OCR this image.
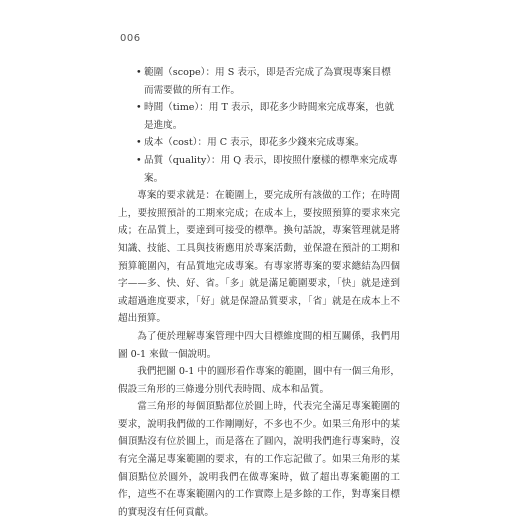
006
• 範圍（scope）：用 S 表示，即是否完成了為實現專案目標而需要做的所有工作。
• 時間（time）：用 T 表示，即花多少時間來完成專案，也就是進度。
• 成本（cost）：用 C 表示，即花多少錢來完成專案。
• 品質（quality）：用 Q 表示，即按照什麼樣的標準來完成專案。

專案的要求就是：在範圍上，要完成所有該做的工作；在時間上，要按照預計的工期來完成；在成本上，要按照預算的要求來完成；在品質上，要達到可接受的標準。換句話說，專案管理就是將知識、技能、工具與技術應用於專案活動，並保證在預計的工期和預算範圍內，有品質地完成專案。有專家將專案的要求總結為四個字——多、快、好、省。「多」就是滿足範圍要求，「快」就是達到或超過進度要求，「好」就是保證品質要求，「省」就是在成本上不超出預算。

為了便於理解專案管理中四大目標維度間的相互關係，我們用圖 0-1 來做一個說明。

我們把圖 0-1 中的圓形看作專案的範圍，圓中有一個三角形，假設三角形的三條邊分別代表時間、成本和品質。

當三角形的每個頂點都位於圓上時，代表完全滿足專案範圍的要求，說明我們做的工作剛剛好，不多也不少。如果三角形中的某個頂點沒有位於圓上，而是落在了圓內，說明我們進行專案時，沒有完全滿足專案範圍的要求，有的工作忘記做了。如果三角形的某個頂點位於圓外，說明我們在做專案時，做了超出專案範圍的工作，這些不在專案範圍內的工作實際上是多餘的工作，對專案目標的實現沒有任何貢獻。
